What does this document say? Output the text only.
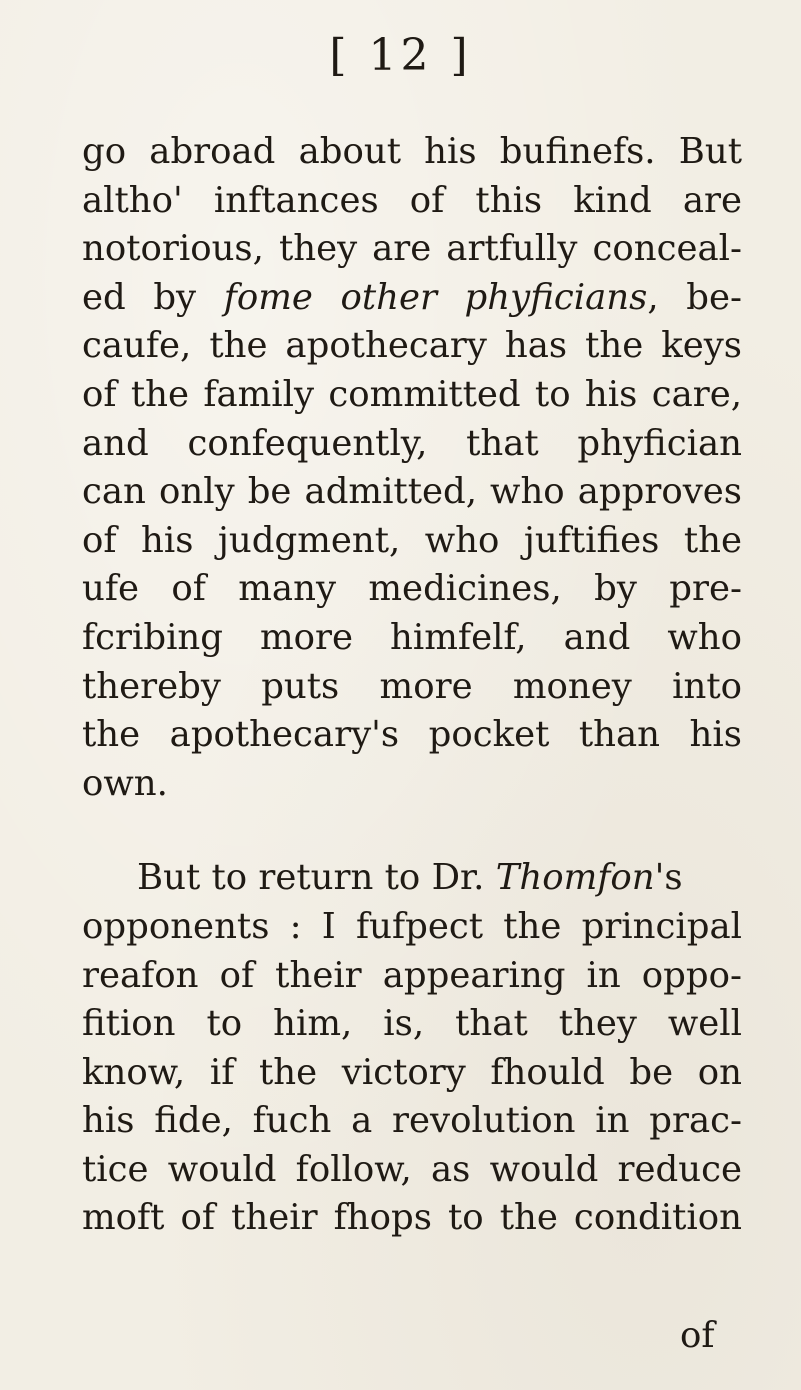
[ 12 ]
go abroad about his bufinefs. But
altho' inftances of this kind are
notorious, they are artfully conceal-
ed by fome other phyficians, be-
caufe, the apothecary has the keys
of the family committed to his care,
and confequently, that phyfician
can only be admitted, who approves
of his judgment, who juftifies the
ufe of many medicines, by pre-
fcribing more himfelf, and who
thereby puts more money into
the apothecary's pocket than his
own.
But to return to Dr. Thomfon's
opponents : I fufpect the principal
reafon of their appearing in oppo-
fition to him, is, that they well
know, if the victory fhould be on
his fide, fuch a revolution in prac-
tice would follow, as would reduce
moft of their fhops to the condition
of
